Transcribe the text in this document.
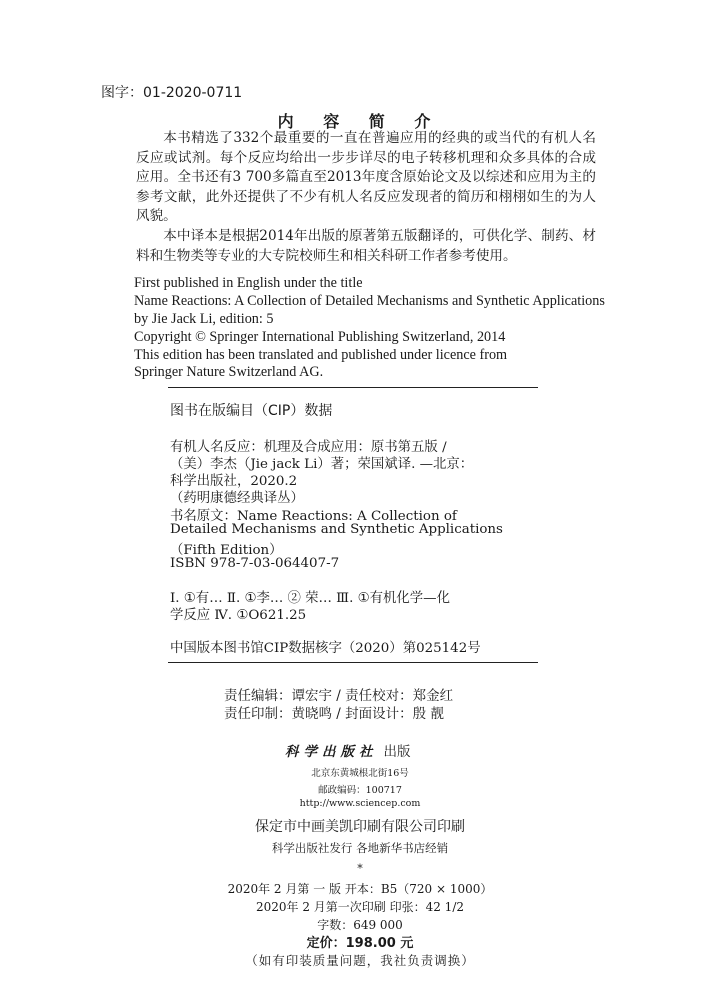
图字：01-2020-0711
内 容 简 介
本书精选了332个最重要的一直在普遍应用的经典的或当代的有机人名反应或试剂。每个反应均给出一步步详尽的电子转移机理和众多具体的合成应用。全书还有3 700多篇直至2013年度含原始论文及以综述和应用为主的参考文献，此外还提供了不少有机人名反应发现者的简历和栩栩如生的为人风貌。
本中译本是根据2014年出版的原著第五版翻译的，可供化学、制药、材料和生物类等专业的大专院校师生和相关科研工作者参考使用。
First published in English under the title
Name Reactions: A Collection of Detailed Mechanisms and Synthetic Applications
by Jie Jack Li, edition: 5
Copyright © Springer International Publishing Switzerland, 2014
This edition has been translated and published under licence from
Springer Nature Switzerland AG.
图书在版编目（CIP）数据
有机人名反应：机理及合成应用：原书第五版 /
（美）李杰（Jie jack Li）著；荣国斌译. —北京：
科学出版社，2020.2
（药明康德经典译丛）
书名原文：Name Reactions: A Collection of
Detailed Mechanisms and Synthetic Applications
（Fifth Edition）
ISBN 978-7-03-064407-7
Ⅰ. ①有… Ⅱ. ①李… ② 荣… Ⅲ. ①有机化学—化
学反应 Ⅳ. ①O621.25
中国版本图书馆CIP数据核字（2020）第025142号
责任编辑：谭宏宇 / 责任校对：郑金红
责任印制：黄晓鸣 / 封面设计：殷 靓
科学出版社 出版
北京东黄城根北街16号
邮政编码：100717
http://www.sciencep.com
保定市中画美凯印刷有限公司印刷
科学出版社发行 各地新华书店经销
*
2020年 2 月第 一 版 开本：B5（720 × 1000）
2020年 2 月第一次印刷 印张：42 1/2
字数：649 000
定价：198.00 元
（如有印装质量问题，我社负责调换）
